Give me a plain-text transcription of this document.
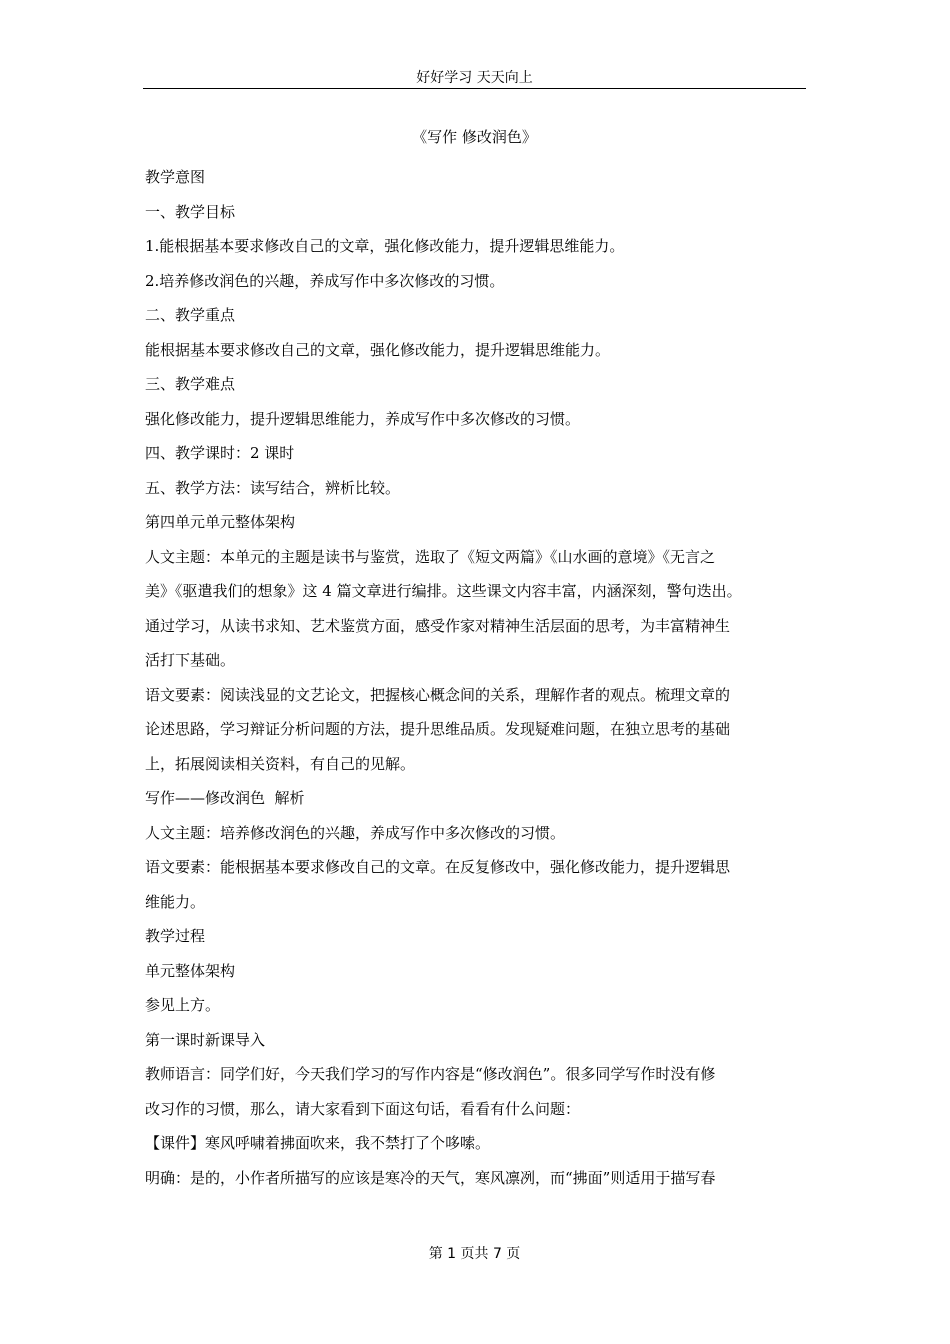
好好学习 天天向上
《写作 修改润色》

教学意图

一、教学目标

1.能根据基本要求修改自己的文章，强化修改能力，提升逻辑思维能力。

2.培养修改润色的兴趣，养成写作中多次修改的习惯。

二、教学重点

能根据基本要求修改自己的文章，强化修改能力，提升逻辑思维能力。

三、教学难点

强化修改能力，提升逻辑思维能力，养成写作中多次修改的习惯。

四、教学课时：2 课时

五、教学方法：读写结合，辨析比较。

第四单元单元整体架构

人文主题：本单元的主题是读书与鉴赏，选取了《短文两篇》《山水画的意境》《无言之

美》《驱遣我们的想象》这 4 篇文章进行编排。这些课文内容丰富，内涵深刻，警句迭出。

通过学习，从读书求知、艺术鉴赏方面，感受作家对精神生活层面的思考，为丰富精神生

活打下基础。

语文要素：阅读浅显的文艺论文，把握核心概念间的关系，理解作者的观点。梳理文章的

论述思路，学习辩证分析问题的方法，提升思维品质。发现疑难问题，在独立思考的基础

上，拓展阅读相关资料，有自己的见解。

写作——修改润色  解析

人文主题：培养修改润色的兴趣，养成写作中多次修改的习惯。

语文要素：能根据基本要求修改自己的文章。在反复修改中，强化修改能力，提升逻辑思

维能力。

教学过程

单元整体架构

参见上方。

第一课时新课导入

教师语言：同学们好，今天我们学习的写作内容是“修改润色”。很多同学写作时没有修

改习作的习惯，那么，请大家看到下面这句话，看看有什么问题：

【课件】寒风呼啸着拂面吹来，我不禁打了个哆嗦。

明确：是的，小作者所描写的应该是寒冷的天气，寒风凛冽，而“拂面”则适用于描写春

第 1 页共 7 页
